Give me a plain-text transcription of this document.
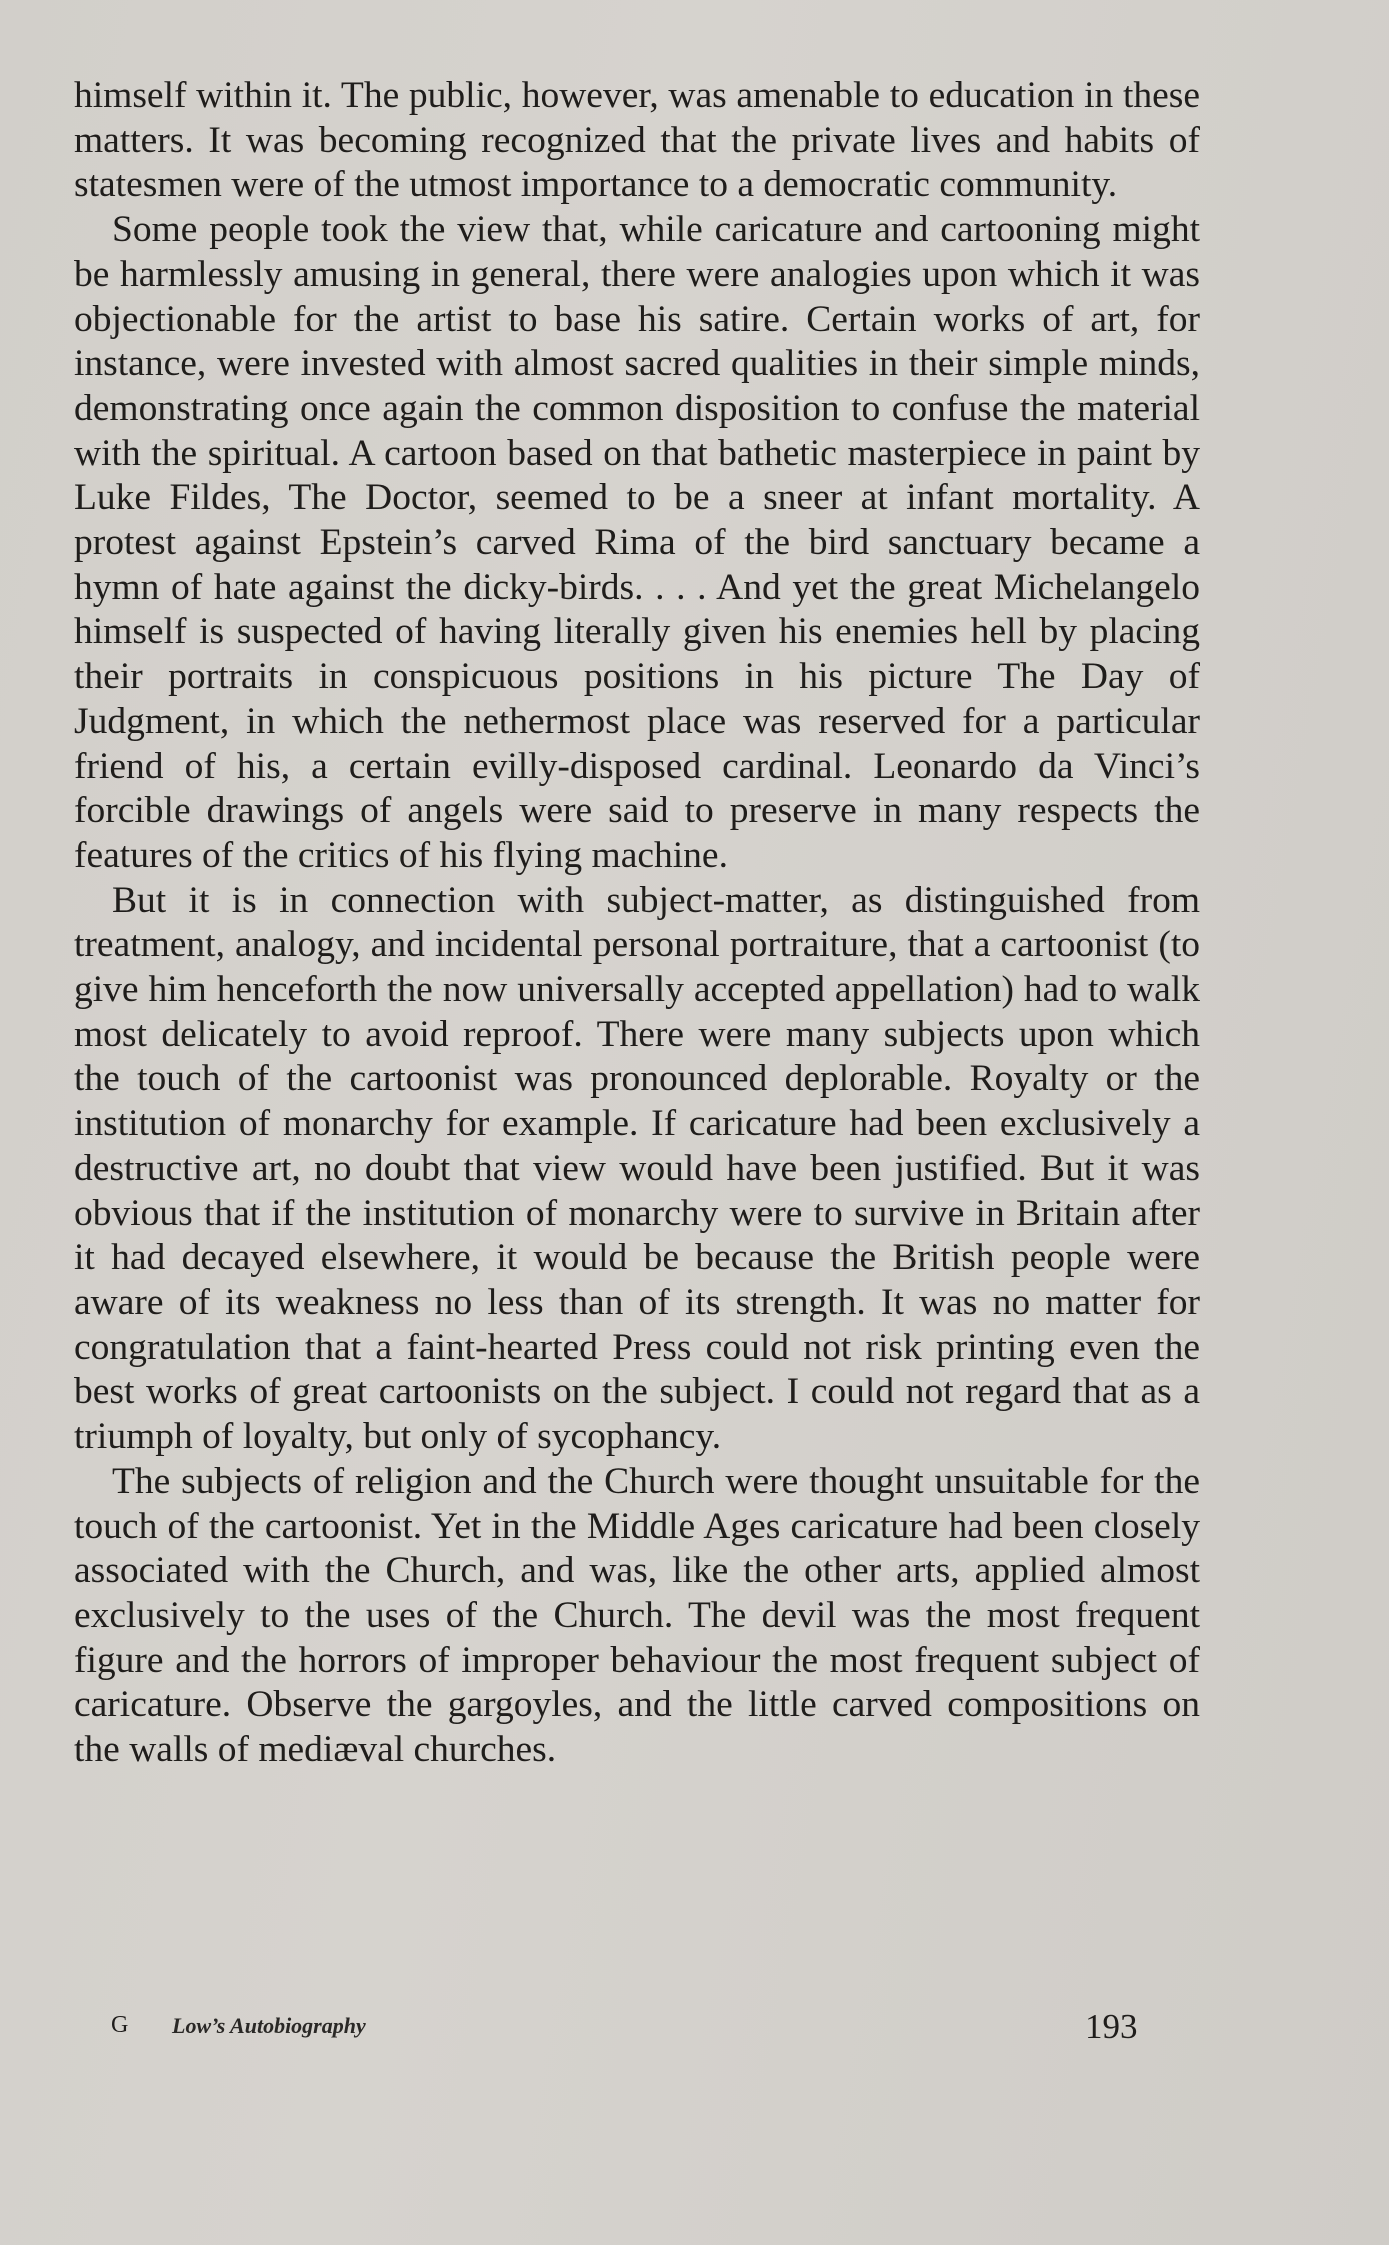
himself within it. The public, however, was amenable to education in these matters. It was becoming recognized that the private lives and habits of statesmen were of the utmost importance to a democratic community.

Some people took the view that, while caricature and cartooning might be harmlessly amusing in general, there were analogies upon which it was objectionable for the artist to base his satire. Certain works of art, for instance, were invested with almost sacred qualities in their simple minds, demonstrating once again the common disposition to confuse the material with the spiritual. A cartoon based on that bathetic masterpiece in paint by Luke Fildes, The Doctor, seemed to be a sneer at infant mortality. A protest against Epstein’s carved Rima of the bird sanctuary became a hymn of hate against the dicky-birds. . . . And yet the great Michelangelo himself is suspected of having literally given his enemies hell by placing their portraits in conspicuous positions in his picture The Day of Judgment, in which the nethermost place was reserved for a particular friend of his, a certain evilly-disposed cardinal. Leonardo da Vinci’s forcible drawings of angels were said to preserve in many respects the features of the critics of his flying machine.

But it is in connection with subject-matter, as distinguished from treatment, analogy, and incidental personal portraiture, that a cartoonist (to give him henceforth the now universally accepted appellation) had to walk most delicately to avoid reproof. There were many subjects upon which the touch of the cartoonist was pronounced deplorable. Royalty or the institution of monarchy for example. If caricature had been exclusively a destructive art, no doubt that view would have been justified. But it was obvious that if the institution of monarchy were to survive in Britain after it had decayed elsewhere, it would be because the British people were aware of its weakness no less than of its strength. It was no matter for congratulation that a faint-hearted Press could not risk printing even the best works of great cartoonists on the subject. I could not regard that as a triumph of loyalty, but only of sycophancy.

The subjects of religion and the Church were thought unsuitable for the touch of the cartoonist. Yet in the Middle Ages caricature had been closely associated with the Church, and was, like the other arts, applied almost exclusively to the uses of the Church. The devil was the most frequent figure and the horrors of improper behaviour the most frequent subject of caricature. Observe the gargoyles, and the little carved compositions on the walls of mediæval churches.

G Low’s Autobiography	193
